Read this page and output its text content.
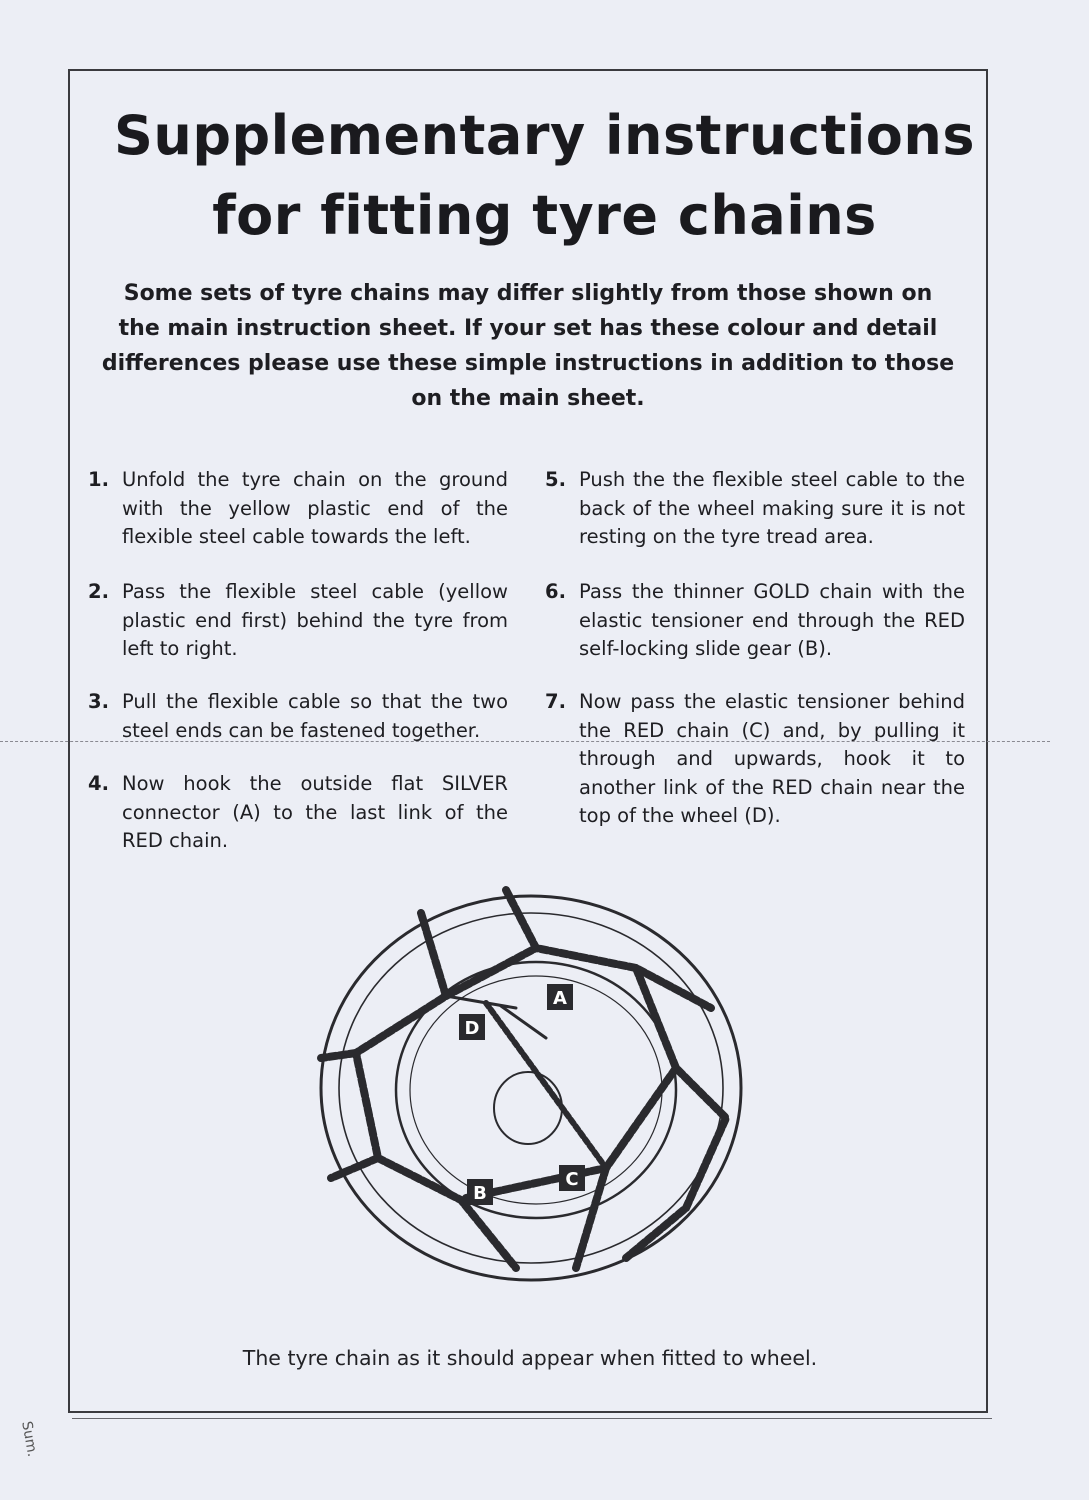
Supplementary instructions
for fitting tyre chains
Some sets of tyre chains may differ slightly from those shown on the main instruction sheet. If your set has these colour and detail differences please use these simple instructions in addition to those on the main sheet.
1. Unfold the tyre chain on the ground with the yellow plastic end of the flexible steel cable towards the left.
2. Pass the flexible steel cable (yellow plastic end first) behind the tyre from left to right.
3. Pull the flexible cable so that the two steel ends can be fastened together.
4. Now hook the outside flat SILVER connector (A) to the last link of the RED chain.
5. Push the the flexible steel cable to the back of the wheel making sure it is not resting on the tyre tread area.
6. Pass the thinner GOLD chain with the elastic tensioner end through the RED self-locking slide gear (B).
7. Now pass the elastic tensioner behind the RED chain (C) and, by pulling it through and upwards, hook it to another link of the RED chain near the top of the wheel (D).
A
B
C
D
The tyre chain as it should appear when fitted to wheel.
Sum.
